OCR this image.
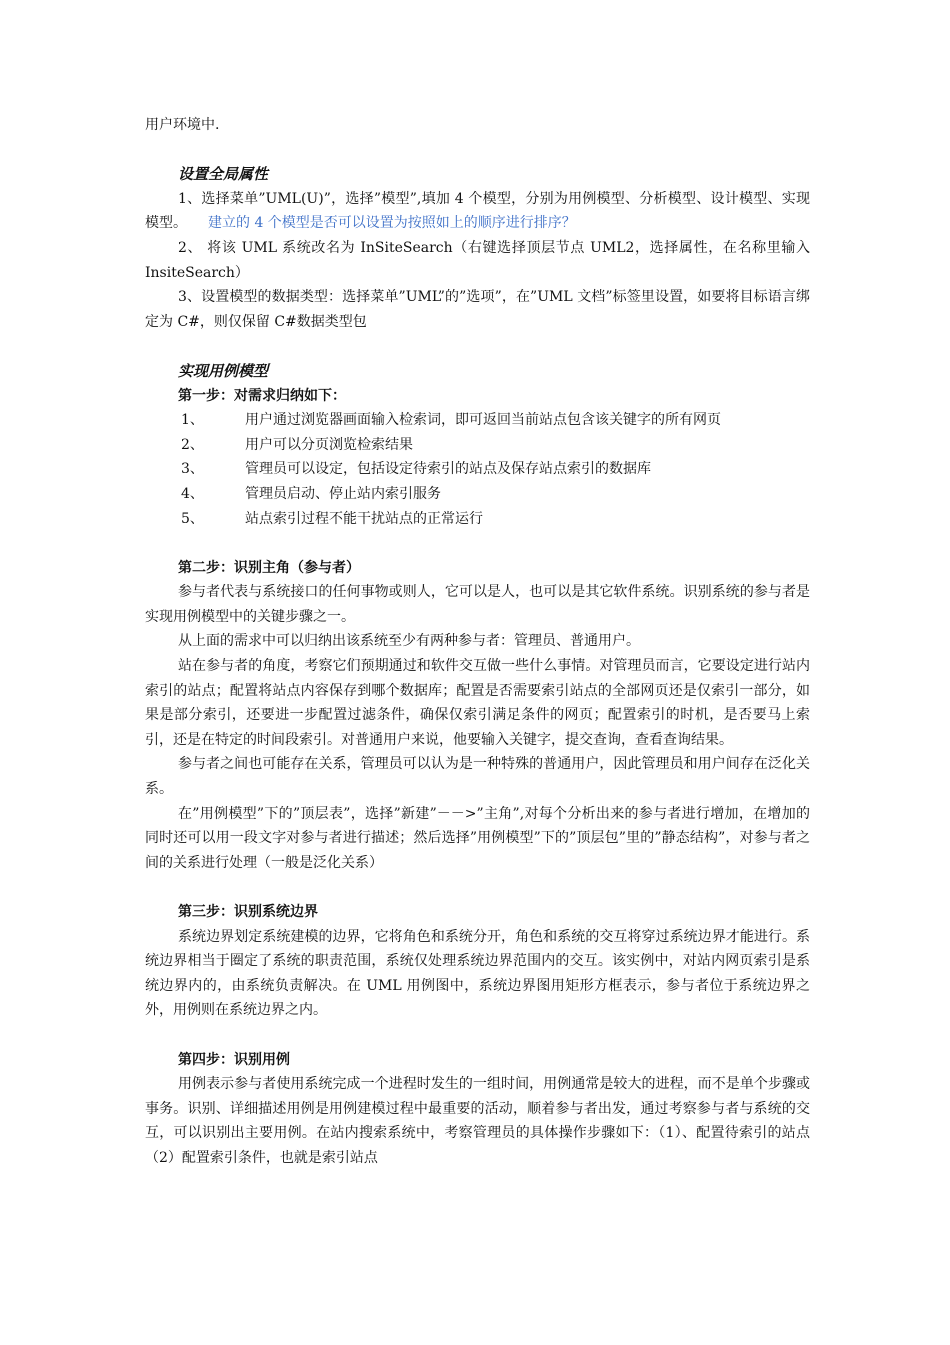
用户环境中.

设置全局属性

1、选择菜单”UML(U)”，选择”模型”,填加 4 个模型，分别为用例模型、分析模型、设计模型、实现模型。　　 建立的 4 个模型是否可以设置为按照如上的顺序进行排序？

2、 将该 UML 系统改名为 InSiteSearch（右键选择顶层节点 UML2，选择属性，在名称里输入 InsiteSearch）

3、设置模型的数据类型：选择菜单”UML”的”选项”，在”UML 文档”标签里设置，如要将目标语言绑定为 C#，则仅保留 C#数据类型包

实现用例模型

第一步：对需求归纳如下：

1、	用户通过浏览器画面输入检索词，即可返回当前站点包含该关键字的所有网页
2、	用户可以分页浏览检索结果
3、	管理员可以设定，包括设定待索引的站点及保存站点索引的数据库
4、	管理员启动、停止站内索引服务
5、	站点索引过程不能干扰站点的正常运行

第二步：识别主角（参与者）

参与者代表与系统接口的任何事物或则人，它可以是人，也可以是其它软件系统。识别系统的参与者是实现用例模型中的关键步骤之一。

从上面的需求中可以归纳出该系统至少有两种参与者：管理员、普通用户。

站在参与者的角度，考察它们预期通过和软件交互做一些什么事情。对管理员而言，它要设定进行站内索引的站点；配置将站点内容保存到哪个数据库；配置是否需要索引站点的全部网页还是仅索引一部分，如果是部分索引，还要进一步配置过滤条件，确保仅索引满足条件的网页；配置索引的时机，是否要马上索引，还是在特定的时间段索引。对普通用户来说，他要输入关键字，提交查询，查看查询结果。

参与者之间也可能存在关系，管理员可以认为是一种特殊的普通用户，因此管理员和用户间存在泛化关系。

在”用例模型”下的”顶层表”，选择”新建”－－>”主角”,对每个分析出来的参与者进行增加，在增加的同时还可以用一段文字对参与者进行描述；然后选择”用例模型”下的”顶层包”里的”静态结构”，对参与者之间的关系进行处理（一般是泛化关系）

第三步：识别系统边界

系统边界划定系统建模的边界，它将角色和系统分开，角色和系统的交互将穿过系统边界才能进行。系统边界相当于圈定了系统的职责范围，系统仅处理系统边界范围内的交互。该实例中，对站内网页索引是系统边界内的，由系统负责解决。在 UML 用例图中，系统边界图用矩形方框表示，参与者位于系统边界之外，用例则在系统边界之内。

第四步：识别用例

用例表示参与者使用系统完成一个进程时发生的一组时间，用例通常是较大的进程，而不是单个步骤或事务。识别、详细描述用例是用例建模过程中最重要的活动，顺着参与者出发，通过考察参与者与系统的交互，可以识别出主要用例。在站内搜索系统中，考察管理员的具体操作步骤如下：（1）、配置待索引的站点　　（2）配置索引条件，也就是索引站点
